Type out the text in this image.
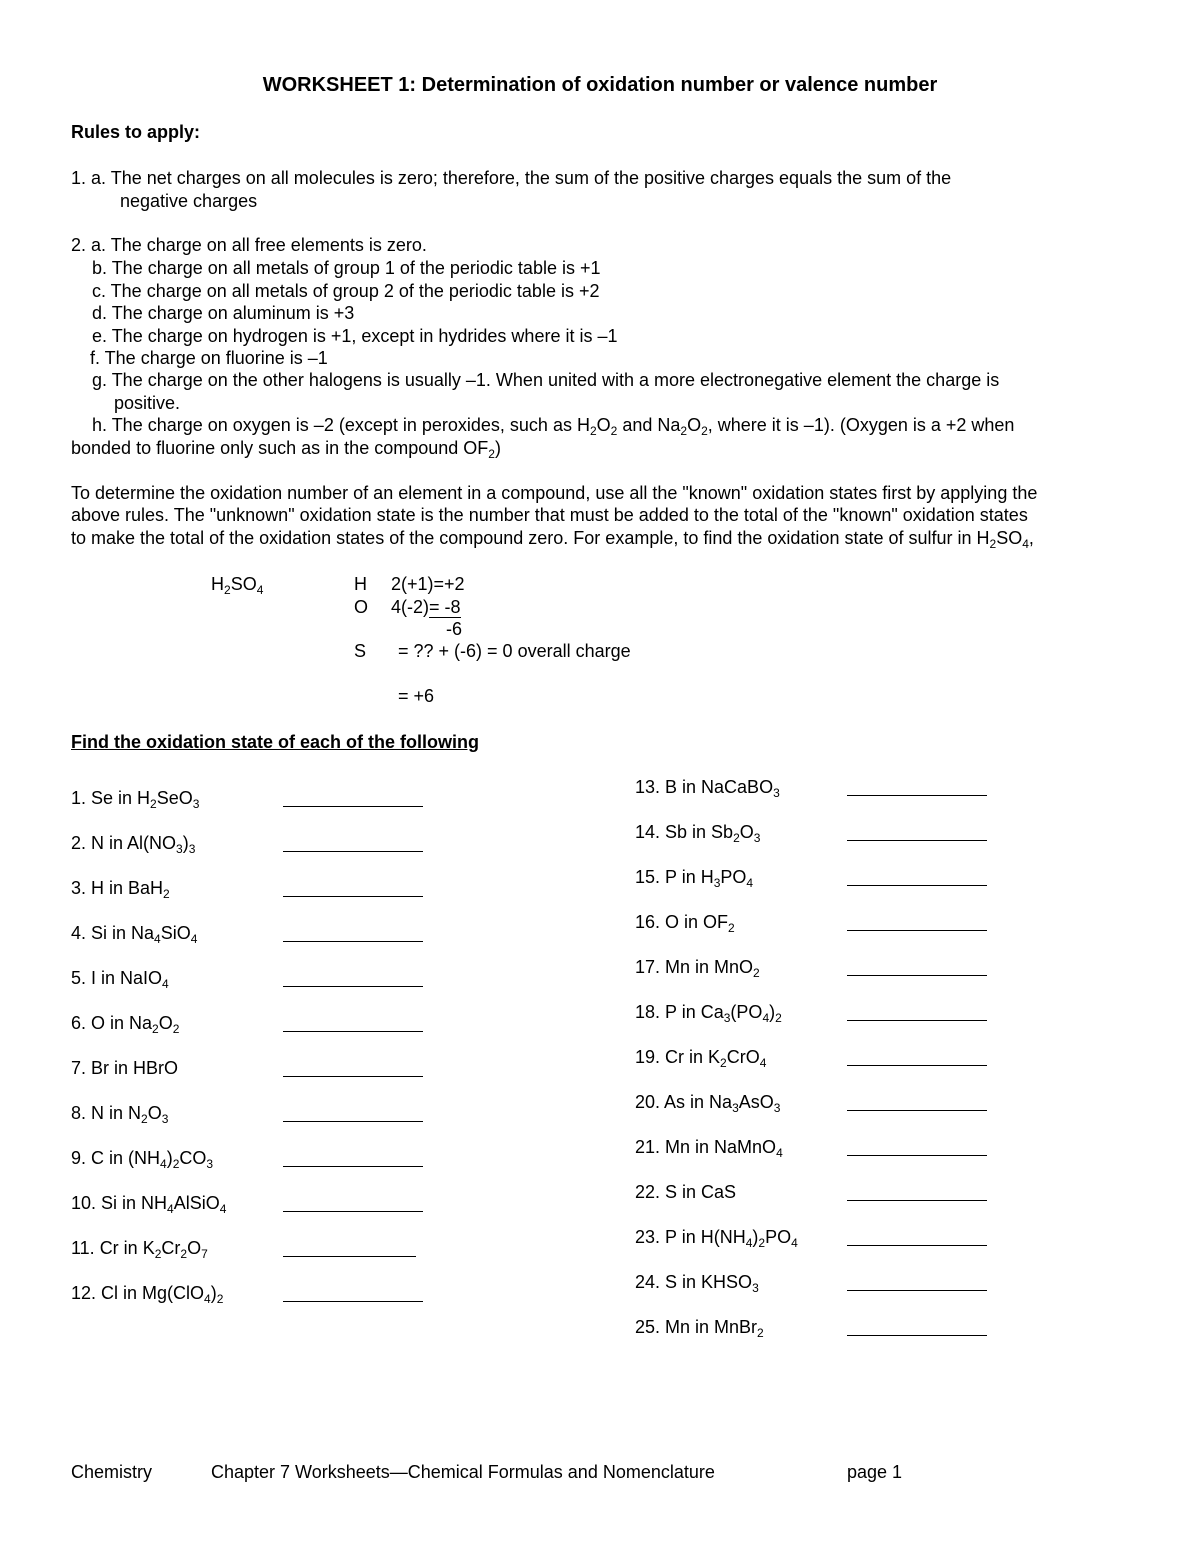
WORKSHEET 1: Determination of oxidation number or valence number
Rules to apply:
1. a. The net charges on all molecules is zero; therefore, the sum of the positive charges equals the sum of the
negative charges
2. a. The charge on all free elements is zero.
b. The charge on all metals of group 1 of the periodic table is +1
c. The charge on all metals of group 2 of the periodic table is +2
d. The charge on aluminum is +3
e. The charge on hydrogen is +1, except in hydrides where it is –1
f. The charge on fluorine is –1
g. The charge on the other halogens is usually –1. When united with a more electronegative element the charge is
positive.
h. The charge on oxygen is –2 (except in peroxides, such as $H_2O_2$ and $Na_2O_2$, where it is –1). (Oxygen is a +2 when
bonded to fluorine only such as in the compound $OF_2$)
To determine the oxidation number of an element in a compound, use all the "known" oxidation states first by applying the
above rules. The "unknown" oxidation state is the number that must be added to the total of the "known" oxidation states
to make the total of the oxidation states of the compound zero. For example, to find the oxidation state of sulfur in $H_2SO_4$,
$H_2SO_4$	H 2(+1)=+2
O 4(-2)= -8
-6
S = ?? + (-6) = 0 overall charge
= +6
Find the oxidation state of each of the following
1. Se in $H_2SeO_3$
2. N in $Al(NO_3)_3$
3. H in BaH$_2$
4. Si in $Na_4SiO_4$
5. I in NaIO$_4$
6. O in $Na_2O_2$
7. Br in HBrO
8. N in $N_2O_3$
9. C in $(NH_4)_2CO_3$
10. Si in $NH_4AlSiO_4$
11. Cr in $K_2Cr_2O_7$
12. Cl in $Mg(ClO_4)_2$
13. B in NaCaBO$_3$
14. Sb in $Sb_2O_3$
15. P in $H_3PO_4$
16. O in $OF_2$
17. Mn in MnO$_2$
18. P in $Ca_3(PO_4)_2$
19. Cr in $K_2CrO_4$
20. As in $Na_3AsO_3$
21. Mn in NaMnO$_4$
22. S in CaS
23. P in $H(NH_4)_2PO_4$
24. S in $KHSO_3$
25. Mn in MnBr$_2$
Chemistry	Chapter 7 Worksheets—Chemical Formulas and Nomenclature	page 1
